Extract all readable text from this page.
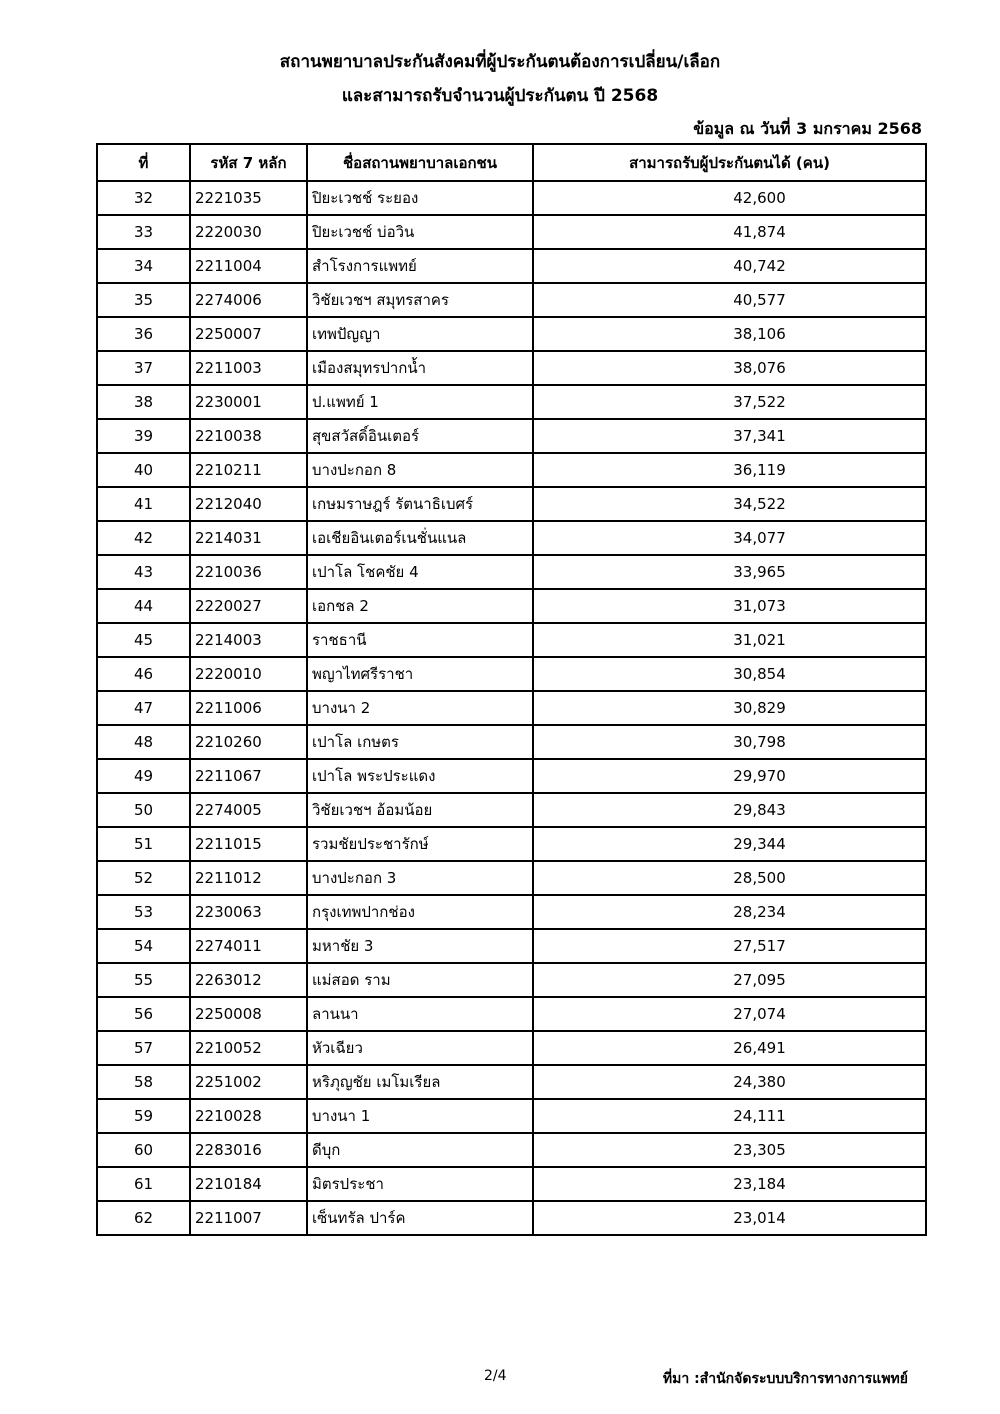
สถานพยาบาลประกันสังคมที่ผู้ประกันตนต้องการเปลี่ยน/เลือก
และสามารถรับจำนวนผู้ประกันตน ปี 2568
ข้อมูล ณ วันที่ 3 มกราคม 2568
ที่	รหัส 7 หลัก	ชื่อสถานพยาบาลเอกชน	สามารถรับผู้ประกันตนได้ (คน)
32	2221035	ปิยะเวชช์ ระยอง	42,600
33	2220030	ปิยะเวชช์ บ่อวิน	41,874
34	2211004	สำโรงการแพทย์	40,742
35	2274006	วิชัยเวชฯ สมุทรสาคร	40,577
36	2250007	เทพปัญญา	38,106
37	2211003	เมืองสมุทรปากน้ำ	38,076
38	2230001	ป.แพทย์ 1	37,522
39	2210038	สุขสวัสดิ์อินเตอร์	37,341
40	2210211	บางปะกอก 8	36,119
41	2212040	เกษมราษฎร์ รัตนาธิเบศร์	34,522
42	2214031	เอเชียอินเตอร์เนชั่นแนล	34,077
43	2210036	เปาโล โชคชัย 4	33,965
44	2220027	เอกชล 2	31,073
45	2214003	ราชธานี	31,021
46	2220010	พญาไทศรีราชา	30,854
47	2211006	บางนา 2	30,829
48	2210260	เปาโล เกษตร	30,798
49	2211067	เปาโล พระประแดง	29,970
50	2274005	วิชัยเวชฯ อ้อมน้อย	29,843
51	2211015	รวมชัยประชารักษ์	29,344
52	2211012	บางปะกอก 3	28,500
53	2230063	กรุงเทพปากช่อง	28,234
54	2274011	มหาชัย 3	27,517
55	2263012	แม่สอด ราม	27,095
56	2250008	ลานนา	27,074
57	2210052	หัวเฉียว	26,491
58	2251002	หริภุญชัย เมโมเรียล	24,380
59	2210028	บางนา 1	24,111
60	2283016	ดีบุก	23,305
61	2210184	มิตรประชา	23,184
62	2211007	เซ็นทรัล ปาร์ค	23,014
2/4	ที่มา :สำนักจัดระบบบริการทางการแพทย์
